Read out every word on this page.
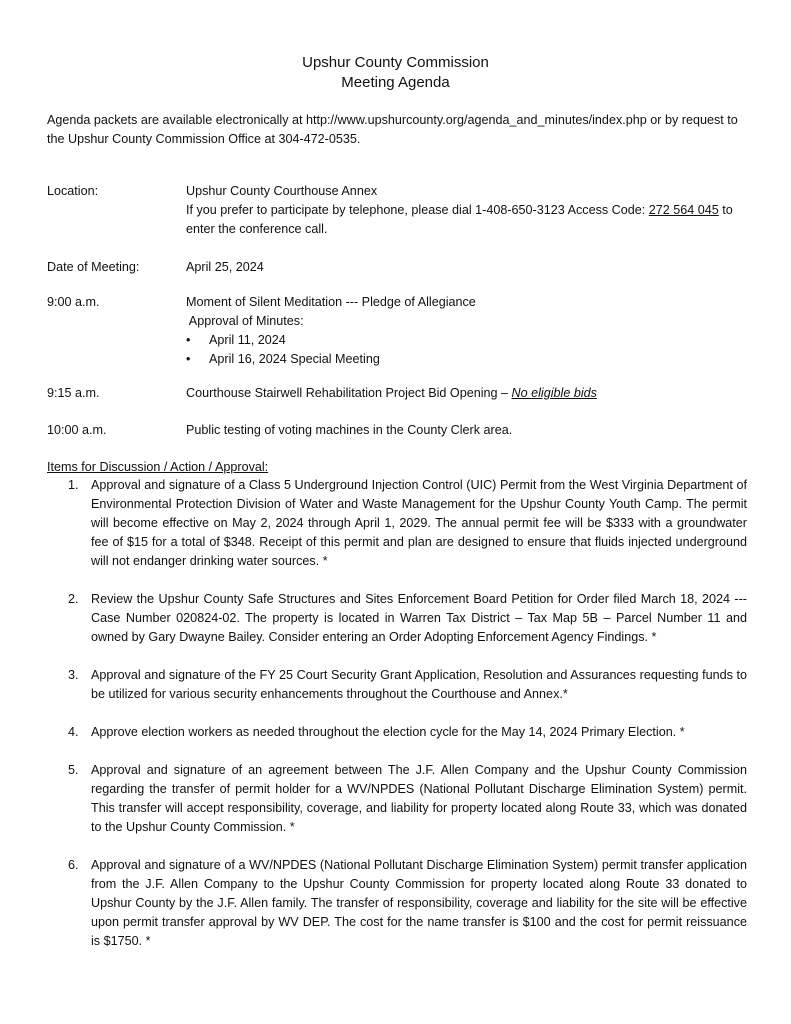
Upshur County Commission
Meeting Agenda
Agenda packets are available electronically at http://www.upshurcounty.org/agenda_and_minutes/index.php or by request to the Upshur County Commission Office at 304-472-0535.
Location:	Upshur County Courthouse Annex
If you prefer to participate by telephone, please dial 1-408-650-3123 Access Code: 272 564 045 to enter the conference call.
Date of Meeting:	April 25, 2024
9:00 a.m.	Moment of Silent Meditation --- Pledge of Allegiance
Approval of Minutes:
• April 11, 2024
• April 16, 2024 Special Meeting
9:15 a.m.	Courthouse Stairwell Rehabilitation Project Bid Opening – No eligible bids
10:00 a.m.	Public testing of voting machines in the County Clerk area.
Items for Discussion / Action / Approval:
1. Approval and signature of a Class 5 Underground Injection Control (UIC) Permit from the West Virginia Department of Environmental Protection Division of Water and Waste Management for the Upshur County Youth Camp. The permit will become effective on May 2, 2024 through April 1, 2029. The annual permit fee will be $333 with a groundwater fee of $15 for a total of $348. Receipt of this permit and plan are designed to ensure that fluids injected underground will not endanger drinking water sources. *
2. Review the Upshur County Safe Structures and Sites Enforcement Board Petition for Order filed March 18, 2024 --- Case Number 020824-02. The property is located in Warren Tax District – Tax Map 5B – Parcel Number 11 and owned by Gary Dwayne Bailey. Consider entering an Order Adopting Enforcement Agency Findings. *
3. Approval and signature of the FY 25 Court Security Grant Application, Resolution and Assurances requesting funds to be utilized for various security enhancements throughout the Courthouse and Annex.*
4. Approve election workers as needed throughout the election cycle for the May 14, 2024 Primary Election. *
5. Approval and signature of an agreement between The J.F. Allen Company and the Upshur County Commission regarding the transfer of permit holder for a WV/NPDES (National Pollutant Discharge Elimination System) permit. This transfer will accept responsibility, coverage, and liability for property located along Route 33, which was donated to the Upshur County Commission. *
6. Approval and signature of a WV/NPDES (National Pollutant Discharge Elimination System) permit transfer application from the J.F. Allen Company to the Upshur County Commission for property located along Route 33 donated to Upshur County by the J.F. Allen family. The transfer of responsibility, coverage and liability for the site will be effective upon permit transfer approval by WV DEP. The cost for the name transfer is $100 and the cost for permit reissuance is $1750. *
